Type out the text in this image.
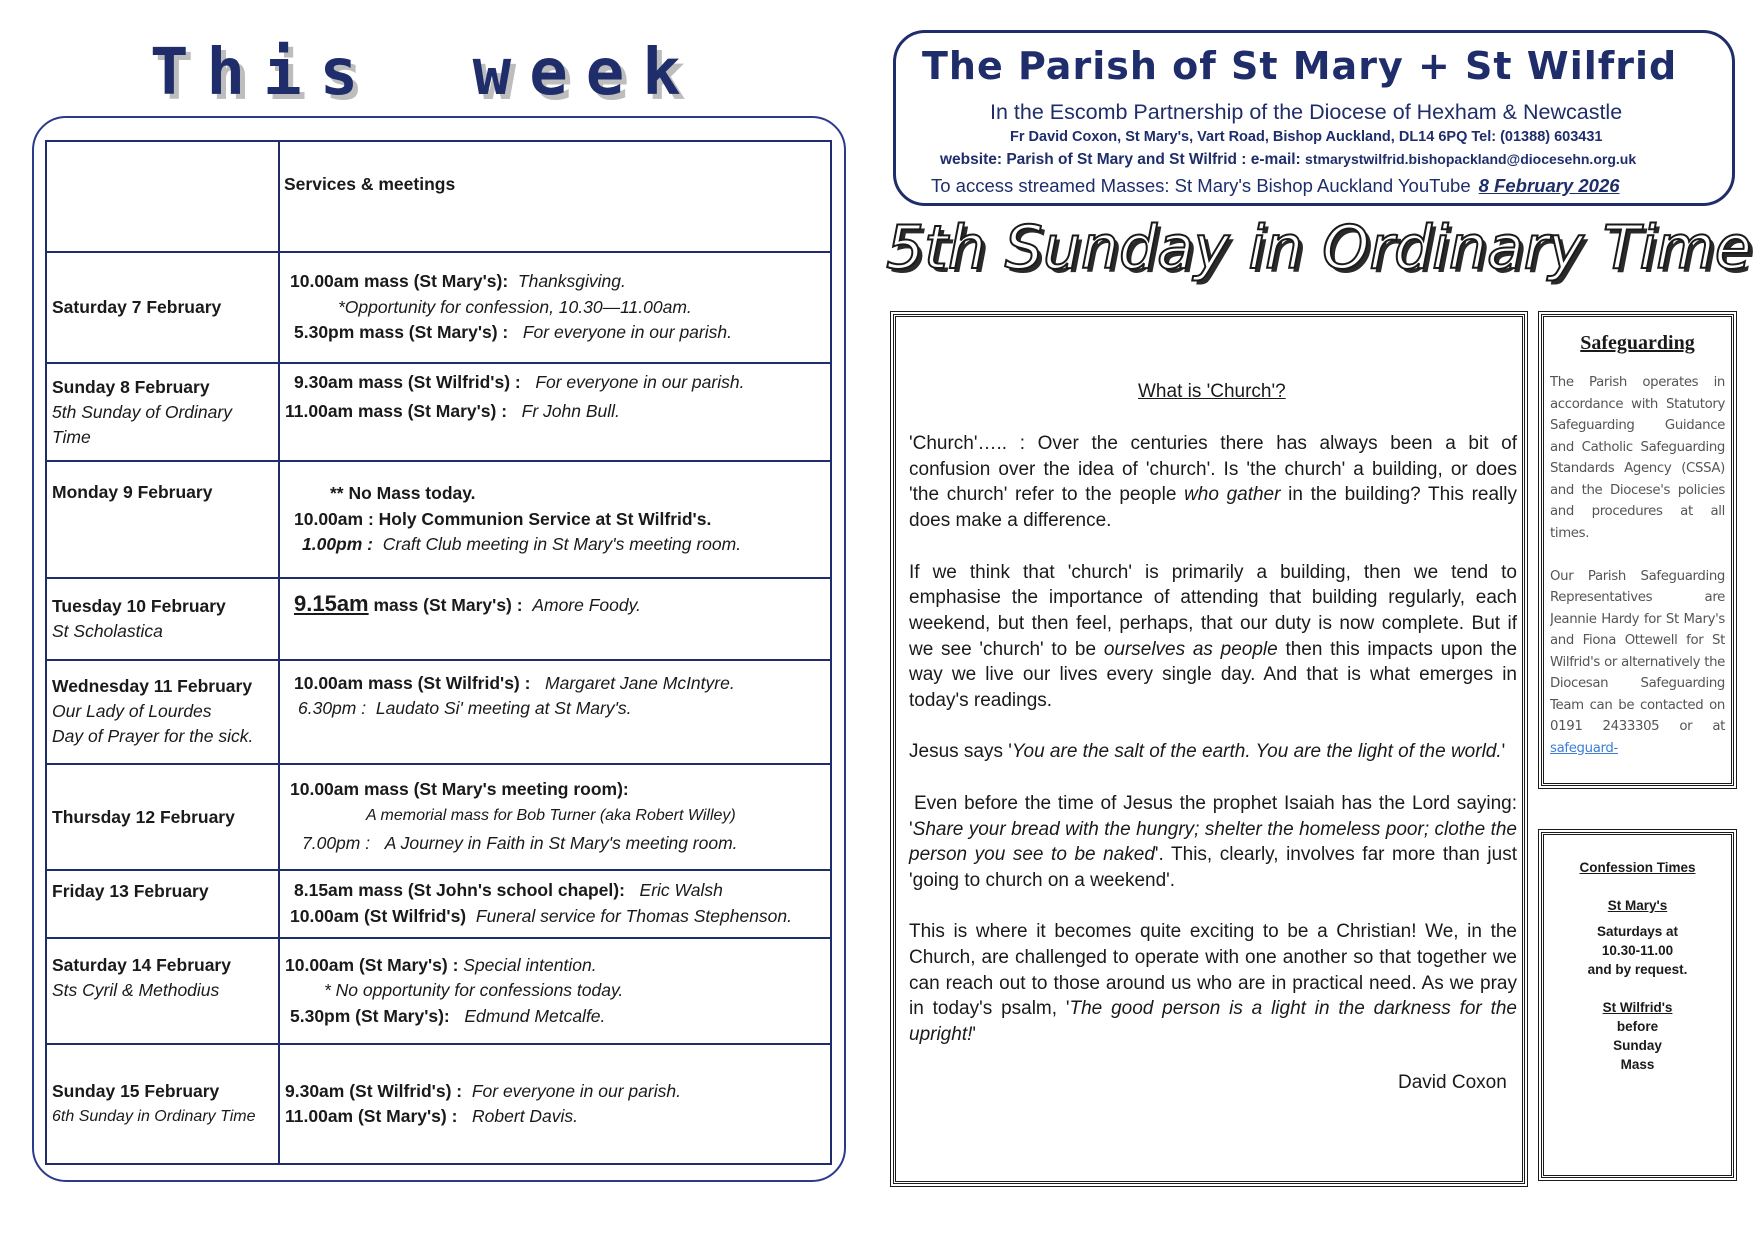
This week
	Services & meetings
Saturday 7 February	10.00am mass (St Mary's): Thanksgiving.
*Opportunity for confession, 10.30—11.00am.
5.30pm mass (St Mary's) : For everyone in our parish.

Sunday 8 February
5th Sunday of Ordinary
Time	9.30am mass (St Wilfrid's) : For everyone in our parish.
11.00am mass (St Mary's) : Fr John Bull.

Monday 9 February	** No Mass today.
10.00am : Holy Communion Service at St Wilfrid's.
1.00pm : Craft Club meeting in St Mary's meeting room.

Tuesday 10 February
St Scholastica	9.15am mass (St Mary's) : Amore Foody.

Wednesday 11 February
Our Lady of Lourdes
Day of Prayer for the sick.	10.00am mass (St Wilfrid's) : Margaret Jane McIntyre.
6.30pm : Laudato Si' meeting at St Mary's.

Thursday 12 February	10.00am mass (St Mary's meeting room):
A memorial mass for Bob Turner (aka Robert Willey)
7.00pm : A Journey in Faith in St Mary's meeting room.

Friday 13 February	8.15am mass (St John's school chapel): Eric Walsh
10.00am (St Wilfrid's) Funeral service for Thomas Stephenson.

Saturday 14 February
Sts Cyril & Methodius	10.00am (St Mary's) : Special intention.
* No opportunity for confessions today.
5.30pm (St Mary's): Edmund Metcalfe.

Sunday 15 February
6th Sunday in Ordinary Time	9.30am (St Wilfrid's) : For everyone in our parish.
11.00am (St Mary's) : Robert Davis.
The Parish of St Mary + St Wilfrid
In the Escomb Partnership of the Diocese of Hexham & Newcastle
Fr David Coxon, St Mary's, Vart Road, Bishop Auckland, DL14 6PQ Tel: (01388) 603431
website: Parish of St Mary and St Wilfrid : e-mail: stmarystwilfrid.bishopackland@diocesehn.org.uk
To access streamed Masses: St Mary's Bishop Auckland YouTube 8 February 2026
5th Sunday in Ordinary Time
What is 'Church'?

'Church'….. : Over the centuries there has always been a bit of confusion over the idea of 'church'. Is 'the church' a building, or does 'the church' refer to the people who gather in the building? This really does make a difference.

If we think that 'church' is primarily a building, then we tend to emphasise the importance of attending that building regularly, each weekend, but then feel, perhaps, that our duty is now complete. But if we see 'church' to be ourselves as people then this impacts upon the way we live our lives every single day. And that is what emerges in today's readings.

Jesus says 'You are the salt of the earth. You are the light of the world.'

Even before the time of Jesus the prophet Isaiah has the Lord saying: 'Share your bread with the hungry; shelter the homeless poor; clothe the person you see to be naked'. This, clearly, involves far more than just 'going to church on a weekend'.

This is where it becomes quite exciting to be a Christian! We, in the Church, are challenged to operate with one another so that together we can reach out to those around us who are in practical need. As we pray in today's psalm, 'The good person is a light in the darkness for the upright!'

David Coxon
Safeguarding

The Parish operates in accordance with Statutory Safeguarding Guidance and Catholic Safeguarding Standards Agency (CSSA) and the Diocese's policies and procedures at all times.

Our Parish Safeguarding Representatives are Jeannie Hardy for St Mary's and Fiona Ottewell for St Wilfrid's or alternatively the Diocesan Safeguarding Team can be contacted on 0191 2433305 or at safeguard-

Confession Times
St Mary's
Saturdays at
10.30-11.00
and by request.
St Wilfrid's
before
Sunday
Mass
